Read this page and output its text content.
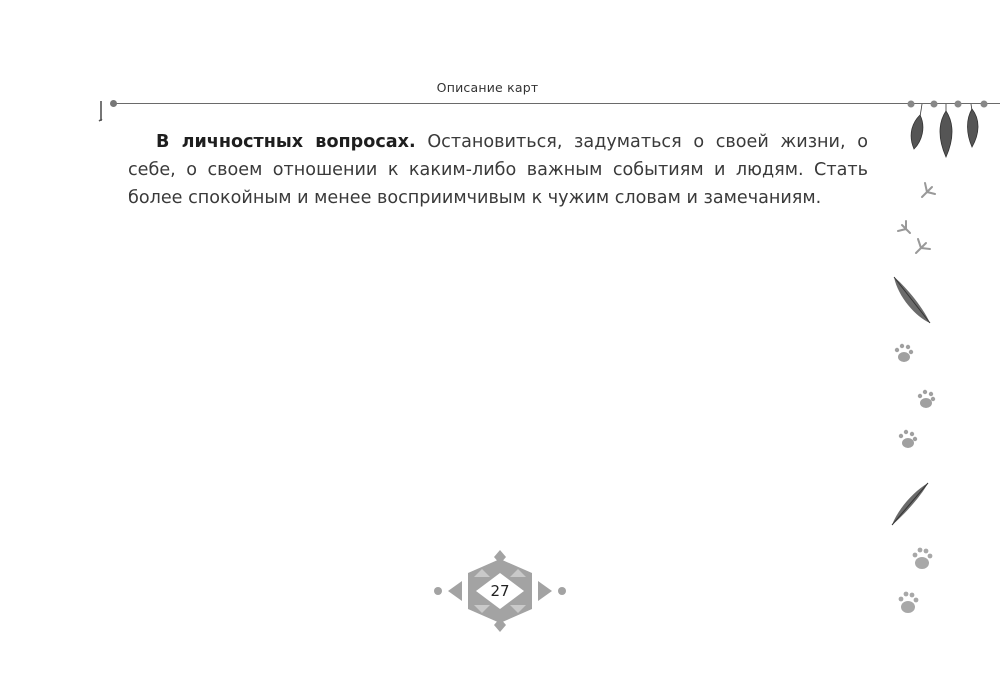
Описание карт

В личностных вопросах. Остановиться, задуматься о своей жизни, о себе, о своем отношении к каким-либо важным событиям и людям. Стать более спокойным и менее восприимчивым к чужим словам и замечаниям.

27
